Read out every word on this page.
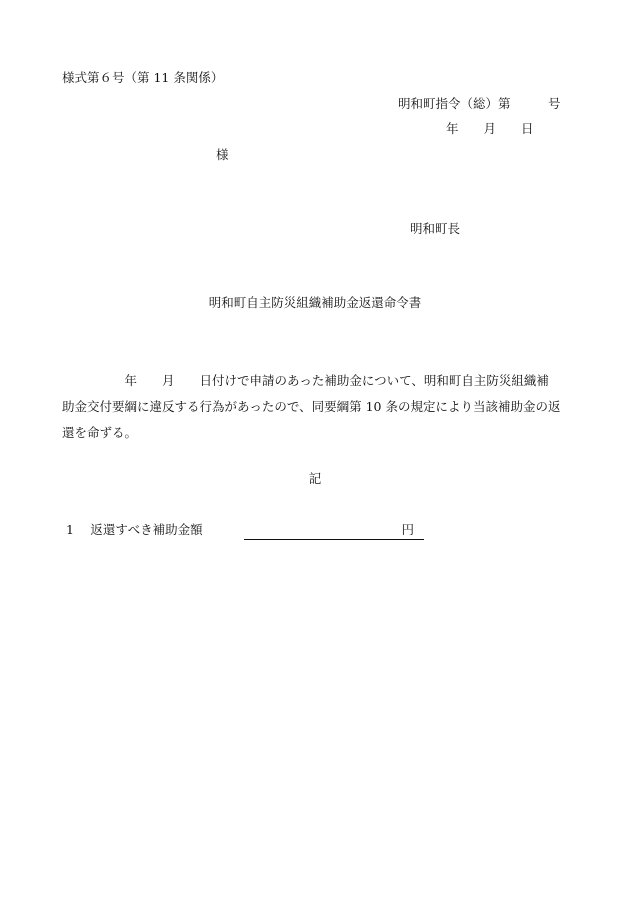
様式第６号（第 11 条関係）
明和町指令（総）第　　　号
年　　月　　日
様
明和町長
明和町自主防災組織補助金返還命令書
　　　　　年　　月　　日付けで申請のあった補助金について、明和町自主防災組織補
助金交付要綱に違反する行為があったので、同要綱第 10 条の規定により当該補助金の返
還を命ずる。
記
1　 返還すべき補助金額	円
